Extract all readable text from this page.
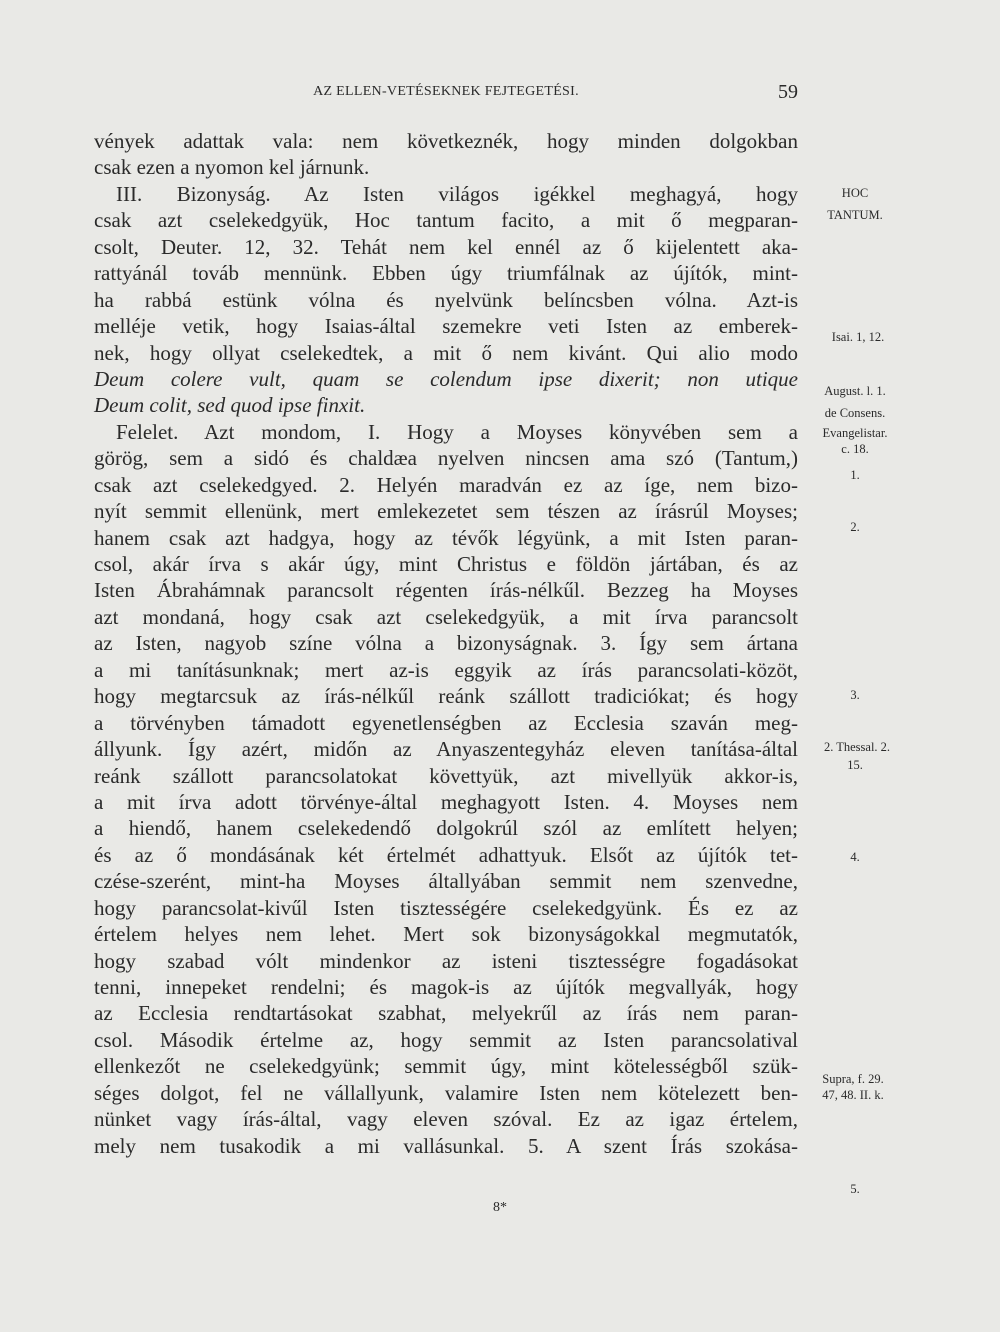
AZ ELLEN-VETÉSEKNEK FEJTEGETÉSI.	59
vények adattak vala: nem következnék, hogy minden dolgokban
csak ezen a nyomon kel járnunk.
III. Bizonyság. Az Isten világos igékkel meghagyá, hogy
csak azt cselekedgyük, Hoc tantum facito, a mit ő megparan-
csolt, Deuter. 12, 32. Tehát nem kel ennél az ő kijelentett aka-
rattyánál továb mennünk. Ebben úgy triumfálnak az újítók, mint-
ha rabbá estünk vólna és nyelvünk belíncsben vólna. Azt-is
melléje vetik, hogy Isaias-által szemekre veti Isten az emberek-
nek, hogy ollyat cselekedtek, a mit ő nem kivánt. Qui alio modo
Deum colere vult, quam se colendum ipse dixerit; non utique
Deum colit, sed quod ipse finxit.
Felelet. Azt mondom, I. Hogy a Moyses könyvében sem a
görög, sem a sidó és chaldæa nyelven nincsen ama szó (Tantum,)
csak azt cselekedgyed. 2. Helyén maradván ez az íge, nem bizo-
nyít semmit ellenünk, mert emlekezetet sem tészen az írásrúl Moyses;
hanem csak azt hadgya, hogy az tévők légyünk, a mit Isten paran-
csol, akár írva s akár úgy, mint Christus e földön jártában, és az
Isten Ábrahámnak parancsolt régenten írás-nélkűl. Bezzeg ha Moyses
azt mondaná, hogy csak azt cselekedgyük, a mit írva parancsolt
az Isten, nagyob színe vólna a bizonyságnak. 3. Így sem ártana
a mi tanításunknak; mert az-is eggyik az írás parancsolati-közöt,
hogy megtarcsuk az írás-nélkűl reánk szállott tradiciókat; és hogy
a törvényben támadott egyenetlenségben az Ecclesia szaván meg-
állyunk. Így azért, midőn az Anyaszentegyház eleven tanítása-által
reánk szállott parancsolatokat követtyük, azt mivellyük akkor-is,
a mit írva adott törvénye-által meghagyott Isten. 4. Moyses nem
a hiendő, hanem cselekedendő dolgokrúl szól az említett helyen;
és az ő mondásának két értelmét adhattyuk. Elsőt az újítók tet-
czése-szerént, mint-ha Moyses általlyában semmit nem szenvedne,
hogy parancsolat-kivűl Isten tisztességére cselekedgyünk. És ez az
értelem helyes nem lehet. Mert sok bizonyságokkal megmutatók,
hogy szabad vólt mindenkor az isteni tisztességre fogadásokat
tenni, innepeket rendelni; és magok-is az újítók megvallyák, hogy
az Ecclesia rendtartásokat szabhat, melyekrűl az írás nem paran-
csol. Második értelme az, hogy semmit az Isten parancsolatival
ellenkezőt ne cselekedgyünk; semmit úgy, mint kötelességből szük-
séges dolgot, fel ne vállallyunk, valamire Isten nem kötelezett ben-
nünket vagy írás-által, vagy eleven szóval. Ez az igaz értelem,
mely nem tusakodik a mi vallásunkal. 5. A szent Írás szokása-
HOC
TANTUM.
Isai. 1, 12.
August. l. 1.
de Consens.
Evangelistar.
c. 18.
1.
2.
3.
2. Thessal. 2.
15.
4.
Supra, f. 29.
47, 48. II. k.
5.
8*
